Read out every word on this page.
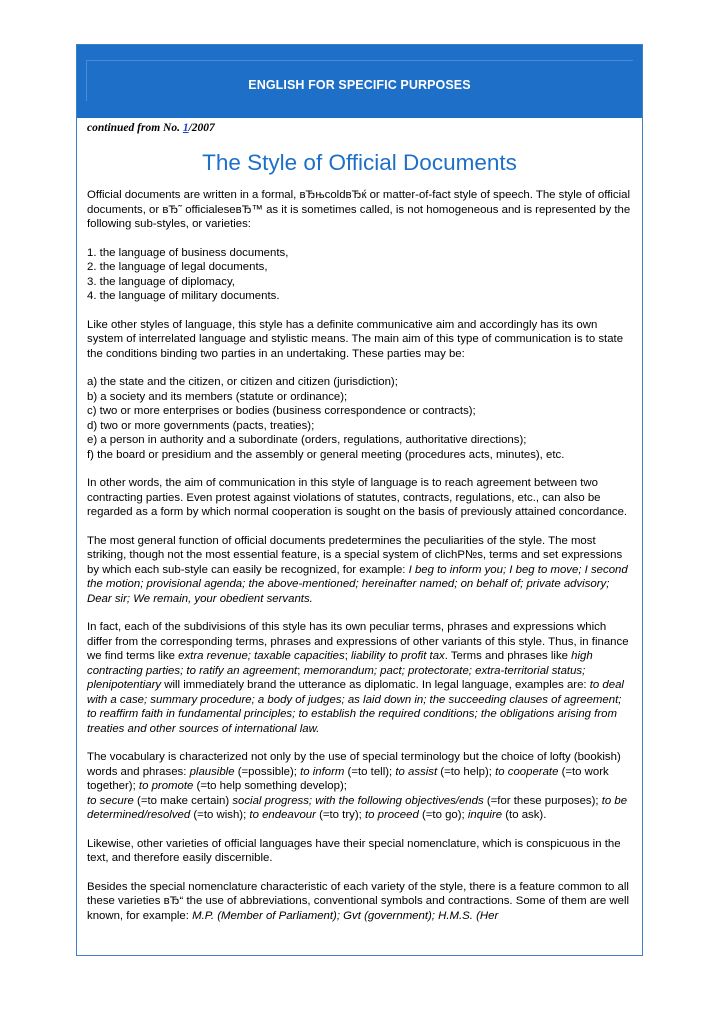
ENGLISH FOR SPECIFIC PURPOSES

continued from No. 1/2007

The Style of Official Documents

Official documents are written in a formal, вЂњcoldвЂќ or matter-of-fact style of speech. The style of official documents, or вЂ˜ officialeseвЂ™ as it is sometimes called, is not homogeneous and is represented by the following sub-styles, or varieties:

1. the language of business documents,
2. the language of legal documents,
3. the language of diplomacy,
4. the language of military documents.

Like other styles of language, this style has a definite communicative aim and accordingly has its own system of interrelated language and stylistic means. The main aim of this type of communication is to state the conditions binding two parties in an undertaking. These parties may be:

a) the state and the citizen, or citizen and citizen (jurisdiction);
b) a society and its members (statute or ordinance);
c) two or more enterprises or bodies (business correspondence or contracts);
d) two or more governments (pacts, treaties);
e) a person in authority and a subordinate (orders, regulations, authoritative directions);
f) the board or presidium and the assembly or general meeting (procedures acts, minutes), etc.

In other words, the aim of communication in this style of language is to reach agreement between two contracting parties. Even protest against violations of statutes, contracts, regulations, etc., can also be regarded as a form by which normal cooperation is sought on the basis of previously attained concordance.

The most general function of official documents predetermines the peculiarities of the style. The most striking, though not the most essential feature, is a special system of clichР№s, terms and set expressions by which each sub-style can easily be recognized, for example: I beg to inform you; I beg to move; I second the motion; provisional agenda; the above-mentioned; hereinafter named; on behalf of; private advisory; Dear sir; We remain, your obedient servants.

In fact, each of the subdivisions of this style has its own peculiar terms, phrases and expressions which differ from the corresponding terms, phrases and expressions of other variants of this style. Thus, in finance we find terms like extra revenue; taxable capacities; liability to profit tax. Terms and phrases like high contracting parties; to ratify an agreement; memorandum; pact; protectorate; extra-territorial status; plenipotentiary will immediately brand the utterance as diplomatic. In legal language, examples are: to deal with a case; summary procedure; a body of judges; as laid down in; the succeeding clauses of agreement; to reaffirm faith in fundamental principles; to establish the required conditions; the obligations arising from treaties and other sources of international law.

The vocabulary is characterized not only by the use of special terminology but the choice of lofty (bookish) words and phrases: plausible (=possible); to inform (=to tell); to assist (=to help); to cooperate (=to work together); to promote (=to help something develop);
to secure (=to make certain) social progress; with the following objectives/ends (=for these purposes); to be determined/resolved (=to wish); to endeavour (=to try); to proceed (=to go); inquire (to ask).

Likewise, other varieties of official languages have their special nomenclature, which is conspicuous in the text, and therefore easily discernible.

Besides the special nomenclature characteristic of each variety of the style, there is a feature common to all these varieties вЂ“ the use of abbreviations, conventional symbols and contractions. Some of them are well known, for example: M.P. (Member of Parliament); Gvt (government); H.M.S. (Her
